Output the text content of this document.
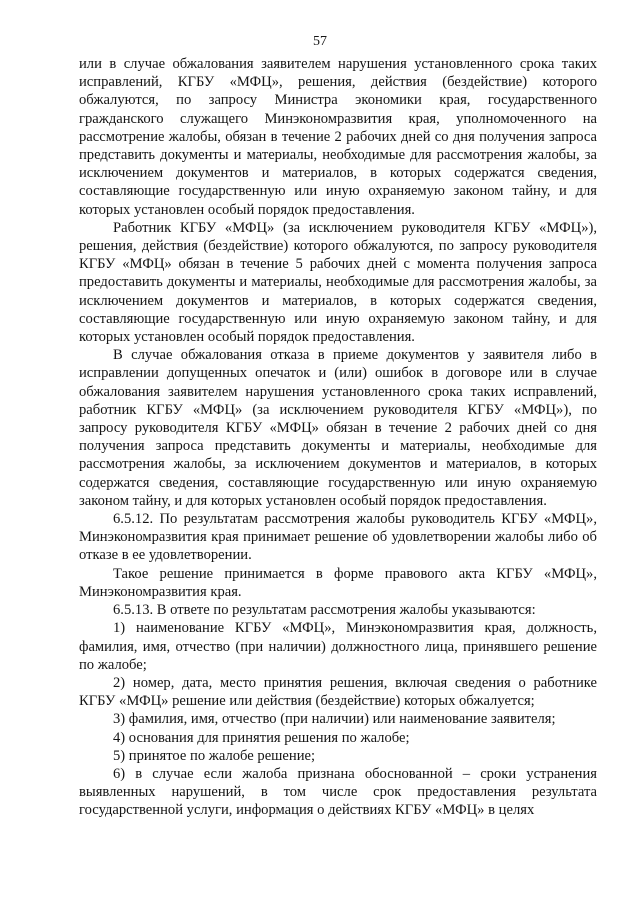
57

или в случае обжалования заявителем нарушения установленного срока таких исправлений, КГБУ «МФЦ», решения, действия (бездействие) которого обжалуются, по запросу Министра экономики края, государственного гражданского служащего Минэкономразвития края, уполномоченного на рассмотрение жалобы, обязан в течение 2 рабочих дней со дня получения запроса представить документы и материалы, необходимые для рассмотрения жалобы, за исключением документов и материалов, в которых содержатся сведения, составляющие государственную или иную охраняемую законом тайну, и для которых установлен особый порядок предоставления.

Работник КГБУ «МФЦ» (за исключением руководителя КГБУ «МФЦ»), решения, действия (бездействие) которого обжалуются, по запросу руководителя КГБУ «МФЦ» обязан в течение 5 рабочих дней с момента получения запроса предоставить документы и материалы, необходимые для рассмотрения жалобы, за исключением документов и материалов, в которых содержатся сведения, составляющие государственную или иную охраняемую законом тайну, и для которых установлен особый порядок предоставления.

В случае обжалования отказа в приеме документов у заявителя либо в исправлении допущенных опечаток и (или) ошибок в договоре или в случае обжалования заявителем нарушения установленного срока таких исправлений, работник КГБУ «МФЦ» (за исключением руководителя КГБУ «МФЦ»), по запросу руководителя КГБУ «МФЦ» обязан в течение 2 рабочих дней со дня получения запроса представить документы и материалы, необходимые для рассмотрения жалобы, за исключением документов и материалов, в которых содержатся сведения, составляющие государственную или иную охраняемую законом тайну, и для которых установлен особый порядок предоставления.

6.5.12. По результатам рассмотрения жалобы руководитель КГБУ «МФЦ», Минэкономразвития края принимает решение об удовлетворении жалобы либо об отказе в ее удовлетворении.

Такое решение принимается в форме правового акта КГБУ «МФЦ», Минэкономразвития края.

6.5.13. В ответе по результатам рассмотрения жалобы указываются:

1) наименование КГБУ «МФЦ», Минэкономразвития края, должность, фамилия, имя, отчество (при наличии) должностного лица, принявшего решение по жалобе;

2) номер, дата, место принятия решения, включая сведения о работнике КГБУ «МФЦ» решение или действия (бездействие) которых обжалуется;

3) фамилия, имя, отчество (при наличии) или наименование заявителя;

4) основания для принятия решения по жалобе;

5) принятое по жалобе решение;

6) в случае если жалоба признана обоснованной – сроки устранения выявленных нарушений, в том числе срок предоставления результата государственной услуги, информация о действиях КГБУ «МФЦ» в целях
